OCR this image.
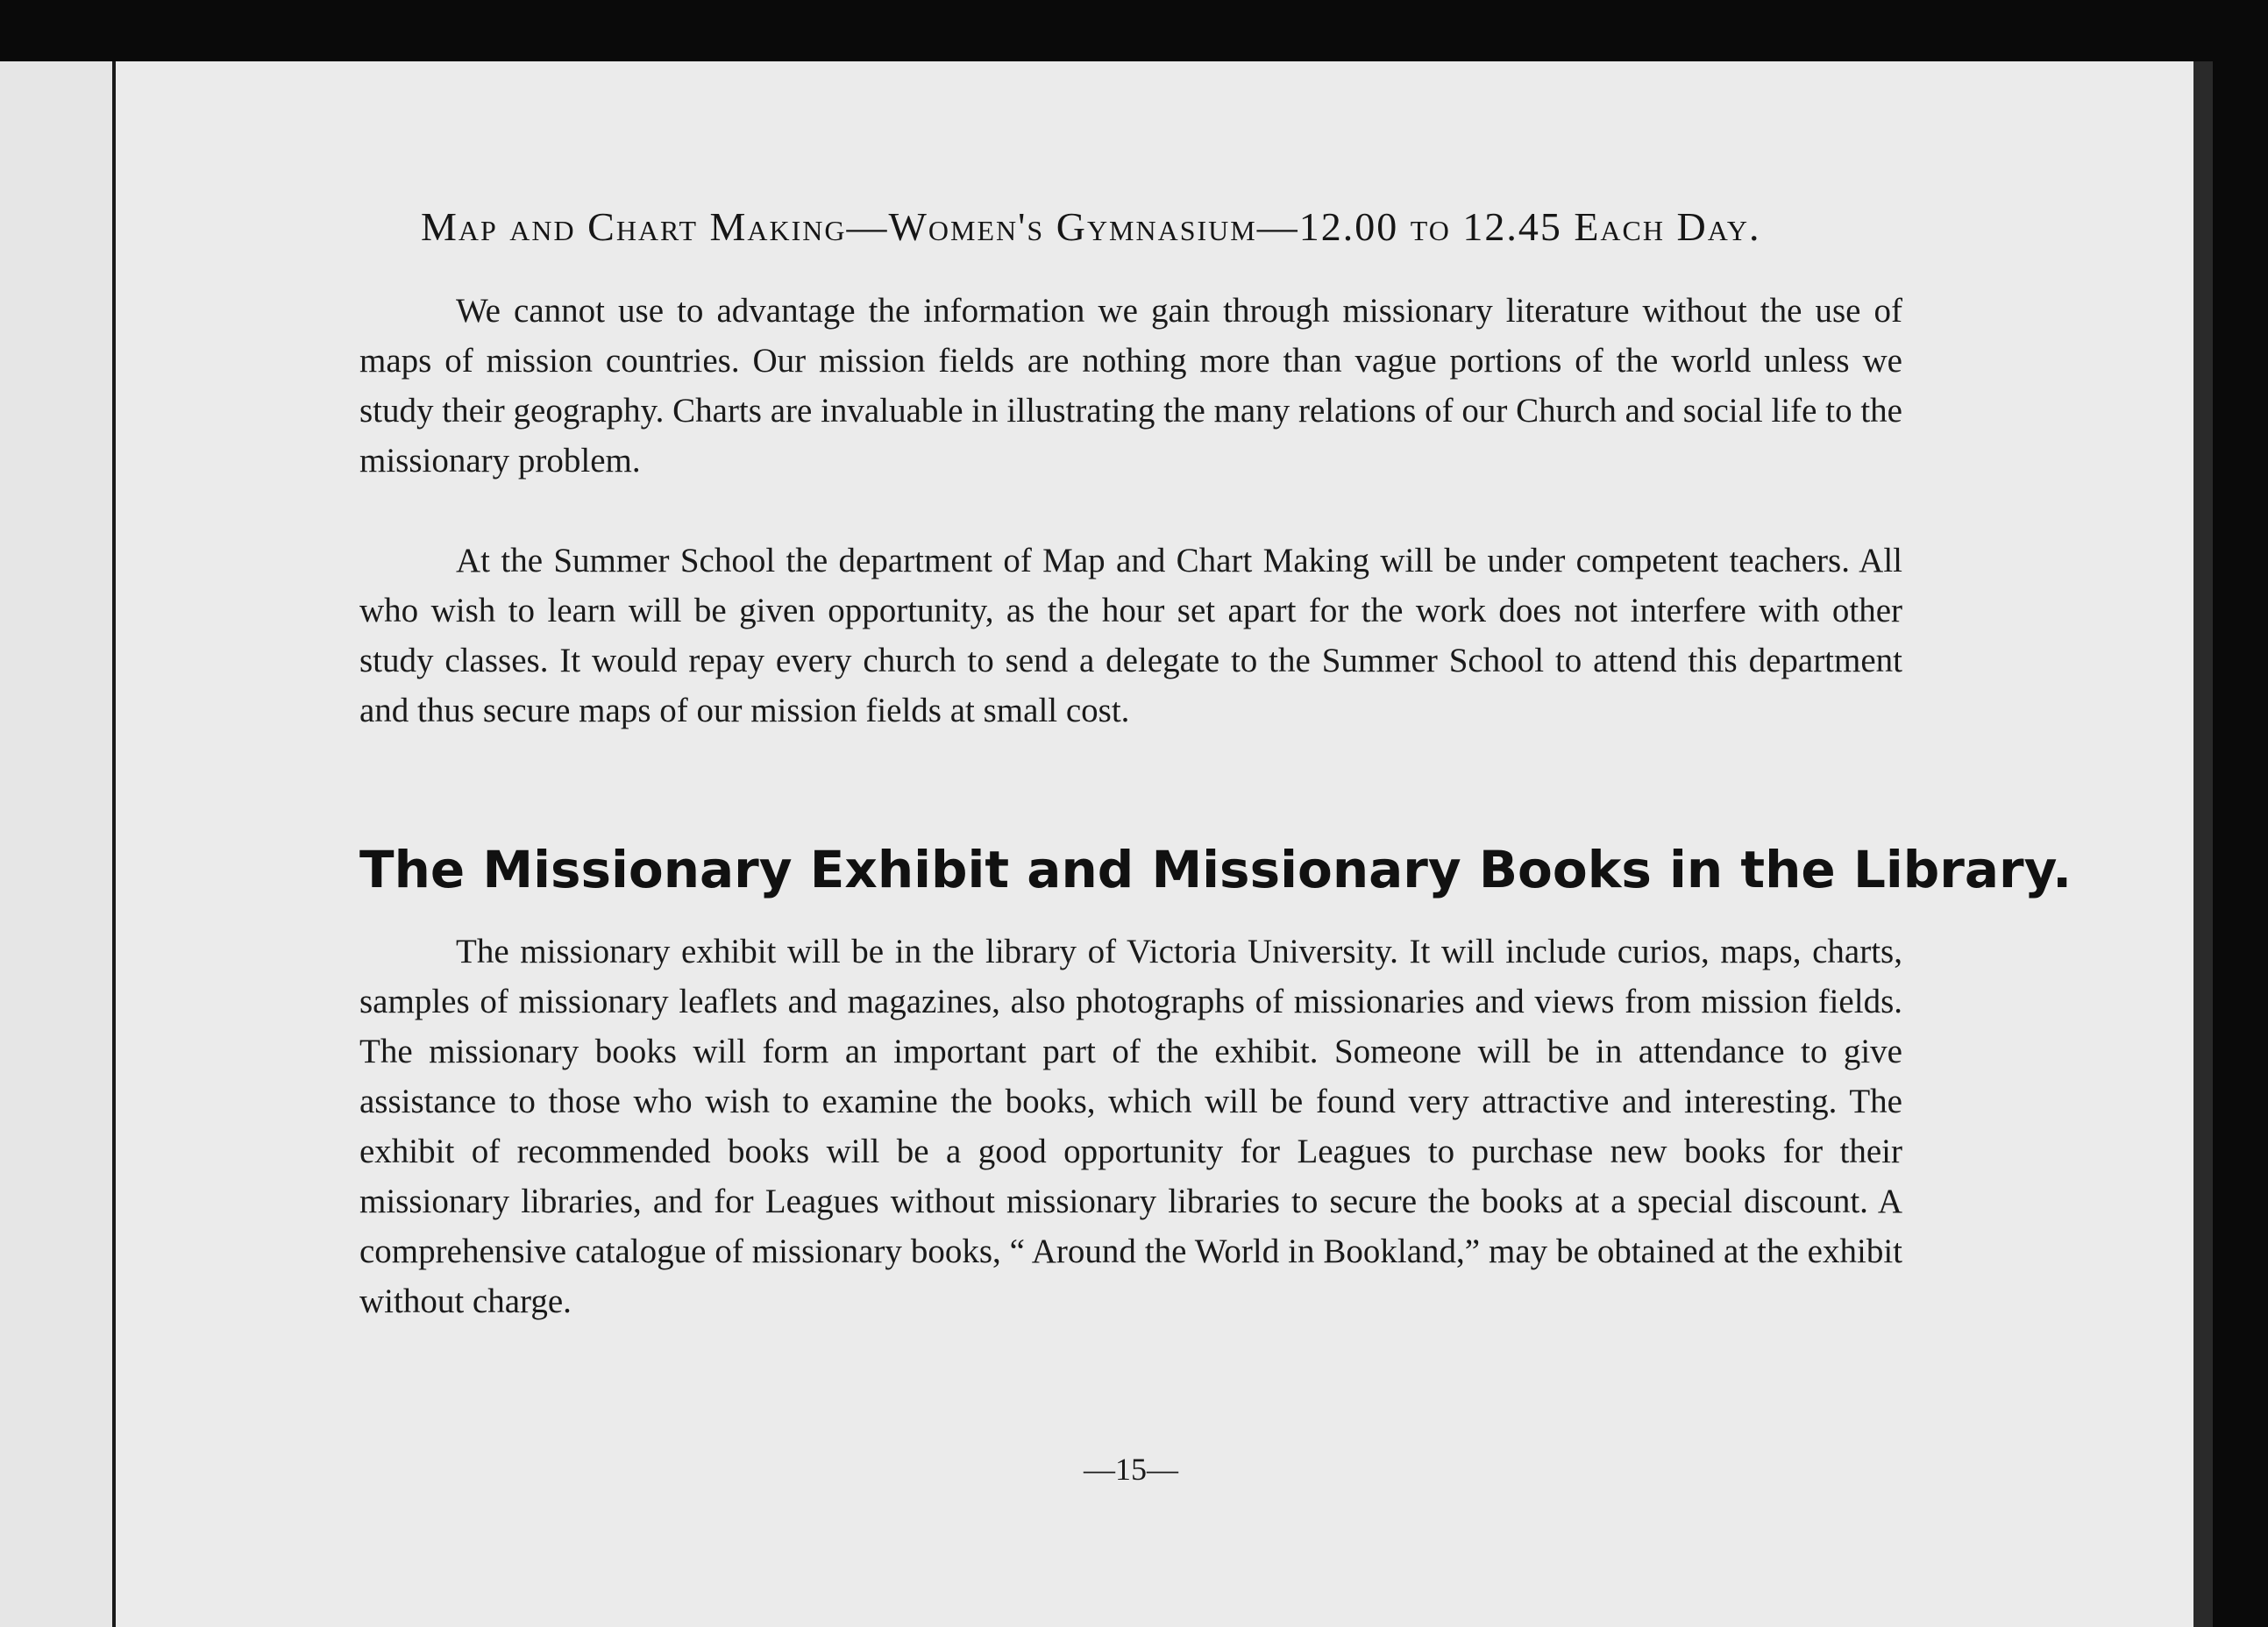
Map and Chart Making—Women's Gymnasium—12.00 to 12.45 Each Day.

We cannot use to advantage the information we gain through missionary literature without the use of maps of mission countries. Our mission fields are nothing more than vague portions of the world unless we study their geography. Charts are invaluable in illustrating the many relations of our Church and social life to the missionary problem.

At the Summer School the department of Map and Chart Making will be under competent teachers. All who wish to learn will be given opportunity, as the hour set apart for the work does not interfere with other study classes. It would repay every church to send a delegate to the Summer School to attend this department and thus secure maps of our mission fields at small cost.

The Missionary Exhibit and Missionary Books in the Library.

The missionary exhibit will be in the library of Victoria University. It will include curios, maps, charts, samples of missionary leaflets and magazines, also photographs of missionaries and views from mission fields. The missionary books will form an important part of the exhibit. Someone will be in attendance to give assistance to those who wish to examine the books, which will be found very attractive and interesting. The exhibit of recommended books will be a good opportunity for Leagues to purchase new books for their missionary libraries, and for Leagues without missionary libraries to secure the books at a special discount. A comprehensive catalogue of missionary books, “ Around the World in Bookland,” may be obtained at the exhibit without charge.

—15—
